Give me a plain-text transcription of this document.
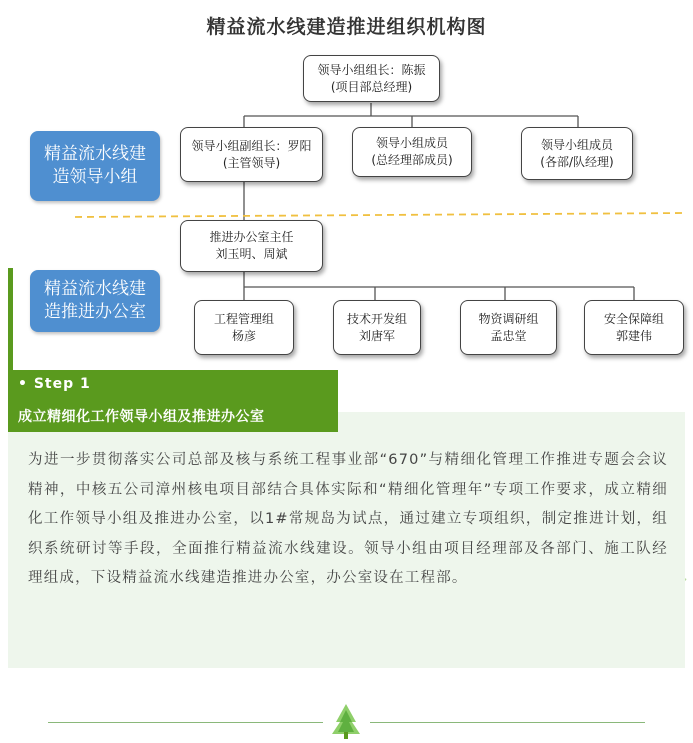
精益流水线建造推进组织机构图
精益流水线建
造领导小组
精益流水线建
造推进办公室
领导小组组长：陈振
(项目部总经理)
领导小组副组长：罗阳
(主管领导)
领导小组成员
(总经理部成员)
领导小组成员
(各部/队经理)
推进办公室主任
刘玉明、周斌
工程管理组
杨彦
技术开发组
刘唐军
物资调研组
孟忠堂
安全保障组
郭建伟
• Step 1
成立精细化工作领导小组及推进办公室
为进一步贯彻落实公司总部及核与系统工程事业部“670”与精细化管理工作推进专题会会议精神，中核五公司漳州核电项目部结合具体实际和“精细化管理年”专项工作要求，成立精细化工作领导小组及推进办公室，以1#常规岛为试点，通过建立专项组织，制定推进计划，组织系统研讨等手段，全面推行精益流水线建设。领导小组由项目经理部及各部门、施工队经理组成，下设精益流水线建造推进办公室，办公室设在工程部。
